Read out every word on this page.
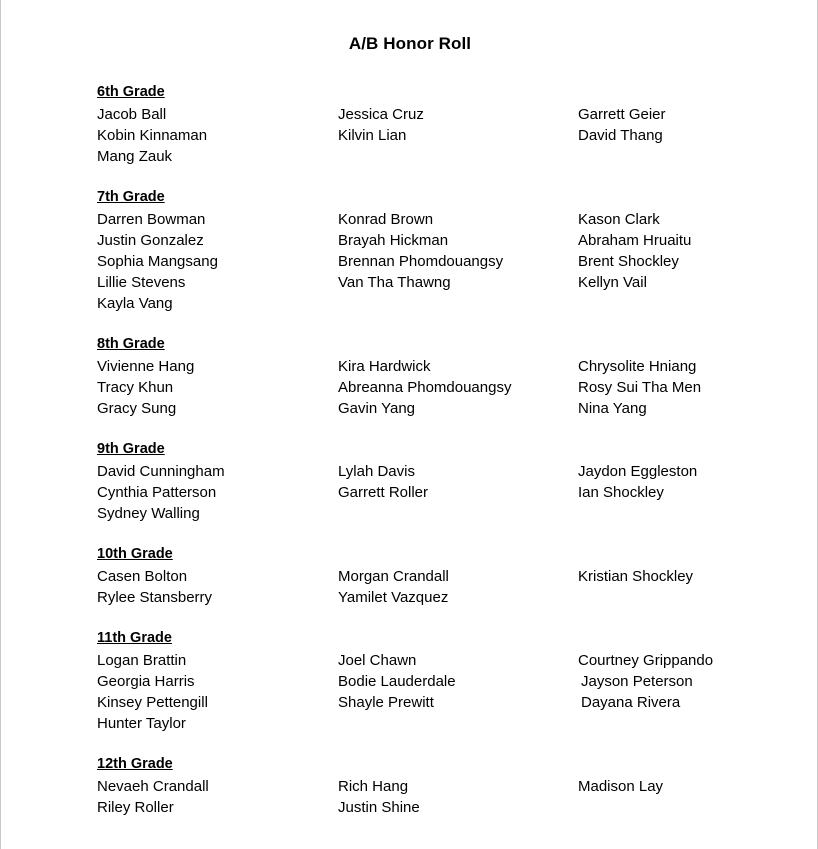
A/B Honor Roll
6th Grade
Jacob Ball	Jessica Cruz	Garrett Geier
Kobin Kinnaman	Kilvin Lian	David Thang
Mang Zauk
7th Grade
Darren Bowman	Konrad Brown	Kason Clark
Justin Gonzalez	Brayah Hickman	Abraham Hruaitu
Sophia Mangsang	Brennan Phomdouangsy	Brent Shockley
Lillie Stevens	Van Tha Thawng	Kellyn Vail
Kayla Vang
8th Grade
Vivienne Hang	Kira Hardwick	Chrysolite Hniang
Tracy Khun	Abreanna Phomdouangsy	Rosy Sui Tha Men
Gracy Sung	Gavin Yang	Nina Yang
9th Grade
David Cunningham	Lylah Davis	Jaydon Eggleston
Cynthia Patterson	Garrett Roller	Ian Shockley
Sydney Walling
10th Grade
Casen Bolton	Morgan Crandall	Kristian Shockley
Rylee Stansberry	Yamilet Vazquez
11th Grade
Logan Brattin	Joel Chawn	Courtney Grippando
Georgia Harris	Bodie Lauderdale	Jayson Peterson
Kinsey Pettengill	Shayle Prewitt	Dayana Rivera
Hunter Taylor
12th Grade
Nevaeh Crandall	Rich Hang	Madison Lay
Riley Roller	Justin Shine
